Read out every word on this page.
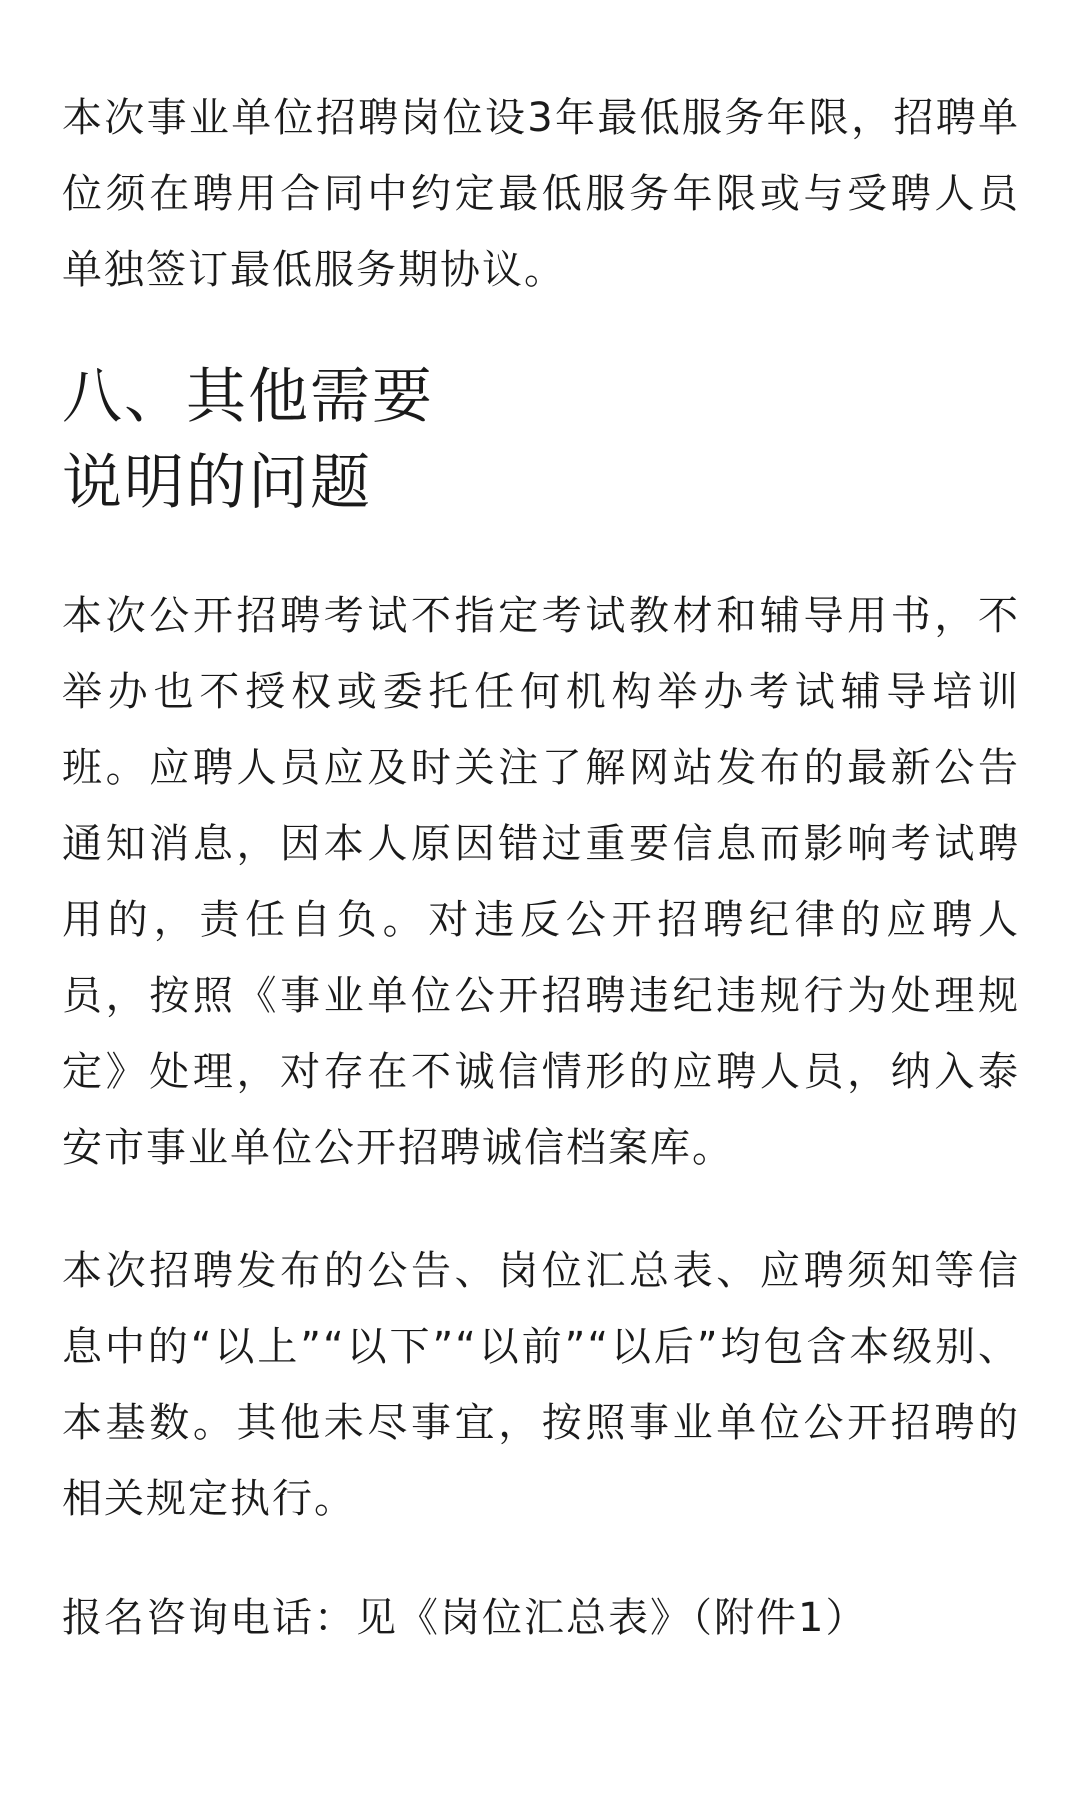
本次事业单位招聘岗位设3年最低服务年限，招聘单位须在聘用合同中约定最低服务年限或与受聘人员单独签订最低服务期协议。

八、其他需要
说明的问题

本次公开招聘考试不指定考试教材和辅导用书，不举办也不授权或委托任何机构举办考试辅导培训班。应聘人员应及时关注了解网站发布的最新公告通知消息，因本人原因错过重要信息而影响考试聘用的，责任自负。对违反公开招聘纪律的应聘人员，按照《事业单位公开招聘违纪违规行为处理规定》处理，对存在不诚信情形的应聘人员，纳入泰安市事业单位公开招聘诚信档案库。

本次招聘发布的公告、岗位汇总表、应聘须知等信息中的“以上”“以下”“以前”“以后”均包含本级别、本基数。其他未尽事宜，按照事业单位公开招聘的相关规定执行。

报名咨询电话：见《岗位汇总表》（附件1）
